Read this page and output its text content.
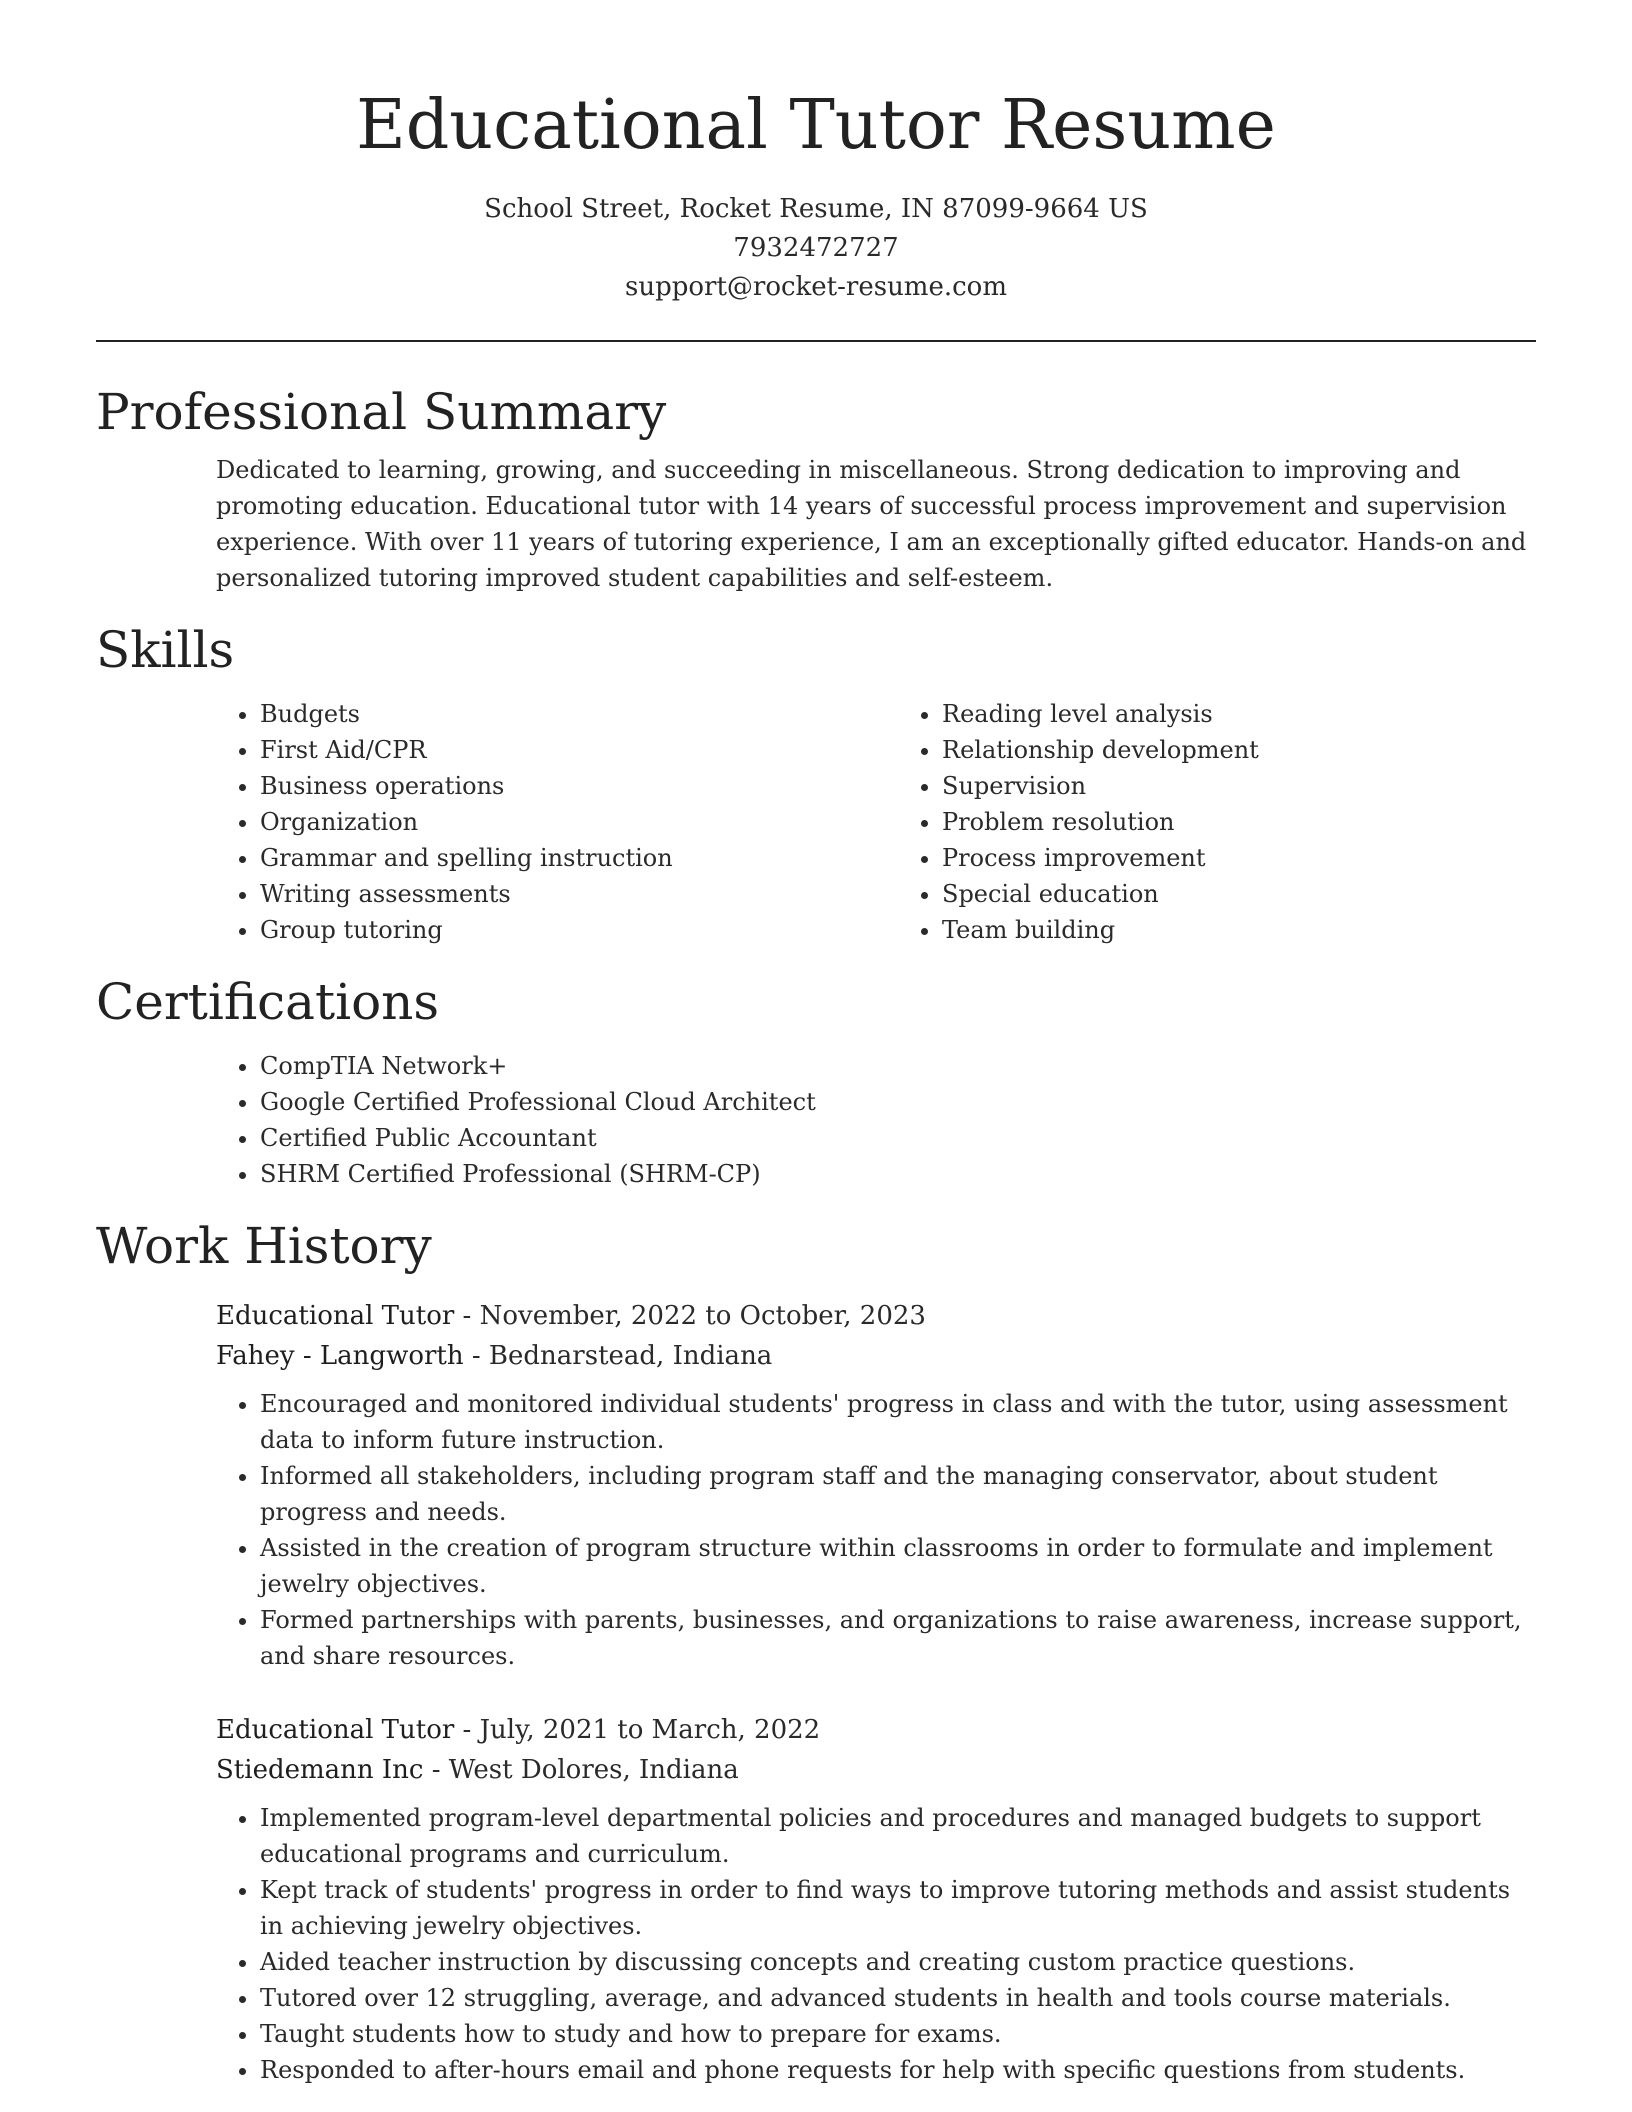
Educational Tutor Resume
School Street, Rocket Resume, IN 87099-9664 US
7932472727
support@rocket-resume.com
Professional Summary

Dedicated to learning, growing, and succeeding in miscellaneous. Strong dedication to improving and promoting education. Educational tutor with 14 years of successful process improvement and supervision experience. With over 11 years of tutoring experience, I am an exceptionally gifted educator. Hands-on and personalized tutoring improved student capabilities and self-esteem.

Skills
• Budgets
• First Aid/CPR
• Business operations
• Organization
• Grammar and spelling instruction
• Writing assessments
• Group tutoring
• Reading level analysis
• Relationship development
• Supervision
• Problem resolution
• Process improvement
• Special education
• Team building
Certifications
• CompTIA Network+
• Google Certified Professional Cloud Architect
• Certified Public Accountant
• SHRM Certified Professional (SHRM-CP)
Work History
Educational Tutor - November, 2022 to October, 2023
Fahey - Langworth - Bednarstead, Indiana
• Encouraged and monitored individual students' progress in class and with the tutor, using assessment data to inform future instruction.
• Informed all stakeholders, including program staff and the managing conservator, about student progress and needs.
• Assisted in the creation of program structure within classrooms in order to formulate and implement jewelry objectives.
• Formed partnerships with parents, businesses, and organizations to raise awareness, increase support, and share resources.
Educational Tutor - July, 2021 to March, 2022
Stiedemann Inc - West Dolores, Indiana
• Implemented program-level departmental policies and procedures and managed budgets to support educational programs and curriculum.
• Kept track of students' progress in order to find ways to improve tutoring methods and assist students in achieving jewelry objectives.
• Aided teacher instruction by discussing concepts and creating custom practice questions.
• Tutored over 12 struggling, average, and advanced students in health and tools course materials.
• Taught students how to study and how to prepare for exams.
• Responded to after-hours email and phone requests for help with specific questions from students.
